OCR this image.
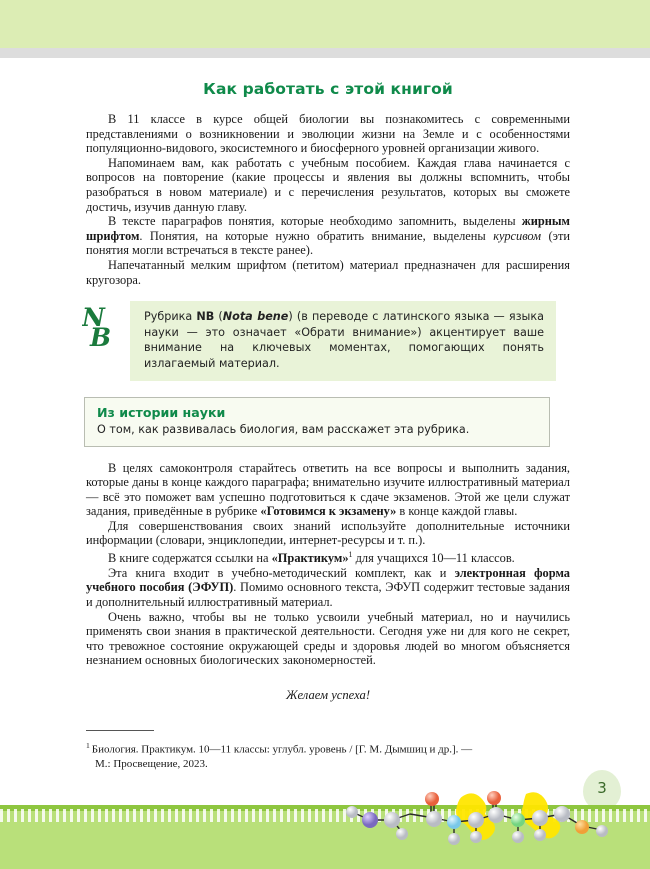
Как работать с этой книгой

В 11 классе в курсе общей биологии вы познакомитесь с современными представлениями о возникновении и эволюции жизни на Земле и с особенностями популяционно-видового, экосистемного и биосферного уровней организации живого.

Напоминаем вам, как работать с учебным пособием. Каждая глава начинается с вопросов на повторение (какие процессы и явления вы должны вспомнить, чтобы разобраться в новом материале) и с перечисления результатов, которых вы сможете достичь, изучив данную главу.

В тексте параграфов понятия, которые необходимо запомнить, выделены жирным шрифтом. Понятия, на которые нужно обратить внимание, выделены курсивом (эти понятия могли встречаться в тексте ранее).

Напечатанный мелким шрифтом (петитом) материал предназначен для расширения кругозора.

N
B

Рубрика NB (Nota bene) (в переводе с латинского языка — языка науки — это означает «Обрати внимание») акцентирует ваше внимание на ключевых моментах, помогающих понять излагаемый материал.

Из истории науки

О том, как развивалась биология, вам расскажет эта рубрика.

В целях самоконтроля старайтесь ответить на все вопросы и выполнить задания, которые даны в конце каждого параграфа; внимательно изучите иллюстративный материал — всё это поможет вам успешно подготовиться к сдаче экзаменов. Этой же цели служат задания, приведённые в рубрике «Готовимся к экзамену» в конце каждой главы.

Для совершенствования своих знаний используйте дополнительные источники информации (словари, энциклопедии, интернет-ресурсы и т. п.).

В книге содержатся ссылки на «Практикум»$^1$ для учащихся 10—11 классов.

Эта книга входит в учебно-методический комплект, как и электронная форма учебного пособия (ЭФУП). Помимо основного текста, ЭФУП содержит тестовые задания и дополнительный иллюстративный материал.

Очень важно, чтобы вы не только усвоили учебный материал, но и научились применять свои знания в практической деятельности. Сегодня уже ни для кого не секрет, что тревожное состояние окружающей среды и здоровья людей во многом объясняется незнанием основных биологических закономерностей.

Желаем успеха!

$^1$ Биология. Практикум. 10—11 классы: углубл. уровень / [Г. М. Дымшиц и др.]. —
М.: Просвещение, 2023.

3
